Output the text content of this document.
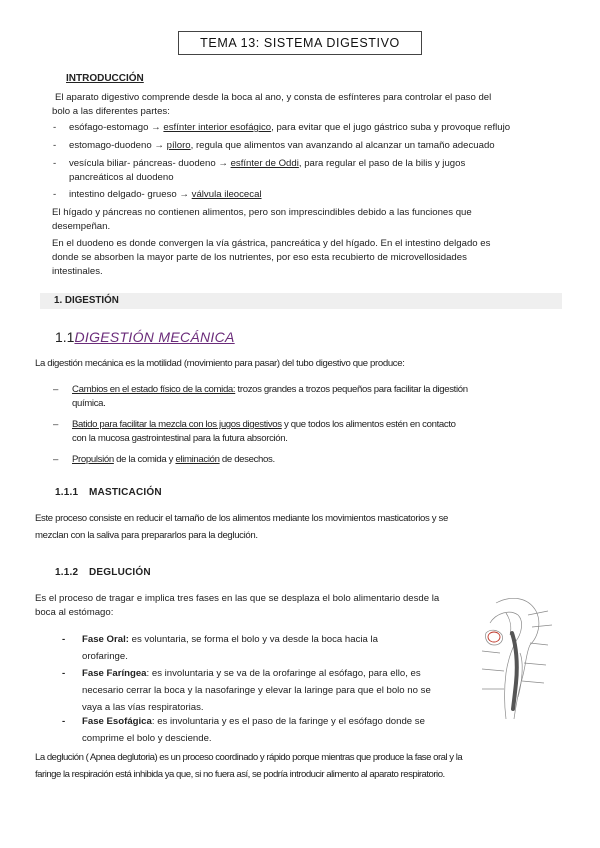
TEMA 13: SISTEMA DIGESTIVO
INTRODUCCIÓN
El aparato digestivo comprende desde la boca al ano, y consta de esfínteres para controlar el paso del
bolo a las diferentes partes:
- esófago-estomago → esfínter interior esofágico, para evitar que el jugo gástrico suba y provoque reflujo
- estomago-duodeno → píloro, regula que alimentos van avanzando al alcanzar un tamaño adecuado
- vesícula biliar- páncreas- duodeno → esfínter de Oddi, para regular el paso de la bilis y jugos
pancreáticos al duodeno
- intestino delgado- grueso → válvula ileocecal
El hígado y páncreas no contienen alimentos, pero son imprescindibles debido a las funciones que
desempeñan.
En el duodeno es donde convergen la vía gástrica, pancreática y del hígado. En el intestino delgado es
donde se absorben la mayor parte de los nutrientes, por eso esta recubierto de microvellosidades
intestinales.
1. DIGESTIÓN
1.1DIGESTIÓN MECÁNICA
La digestión mecánica es la motilidad (movimiento para pasar) del tubo digestivo que produce:
– Cambios en el estado físico de la comida: trozos grandes a trozos pequeños para facilitar la digestión
química.
– Batido para facilitar la mezcla con los jugos digestivos y que todos los alimentos estén en contacto
con la mucosa gastrointestinal para la futura absorción.
– Propulsión de la comida y eliminación de desechos.
1.1.1 MASTICACIÓN
Este proceso consiste en reducir el tamaño de los alimentos mediante los movimientos masticatorios y se
mezclan con la saliva para prepararlos para la deglución.
1.1.2 DEGLUCIÓN
Es el proceso de tragar e implica tres fases en las que se desplaza el bolo alimentario desde la
boca al estómago:
- Fase Oral: es voluntaria, se forma el bolo y va desde la boca hacia la
orofaringe.
- Fase Faríngea: es involuntaria y se va de la orofaringe al esófago, para ello, es
necesario cerrar la boca y la nasofaringe y elevar la laringe para que el bolo no se
vaya a las vías respiratorias.
- Fase Esofágica: es involuntaria y es el paso de la faringe y el esófago donde se
comprime el bolo y desciende.
La deglución ( Apnea deglutoria) es un proceso coordinado y rápido porque mientras que produce la fase oral y la
faringe la respiración está inhibida ya que, si no fuera así, se podría introducir alimento al aparato respiratorio.
